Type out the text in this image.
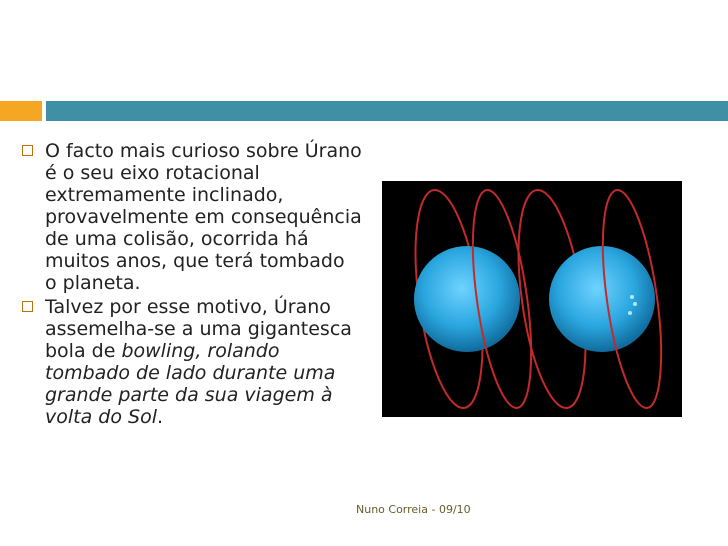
O facto mais curioso sobre Úrano é o seu eixo rotacional extremamente inclinado, provavelmente em consequência de uma colisão, ocorrida há muitos anos, que terá tombado o planeta.
Talvez por esse motivo, Úrano assemelha-se a uma gigantesca bola de bowling, rolando tombado de lado durante uma grande parte da sua viagem à volta do Sol.
Nuno Correia - 09/10
